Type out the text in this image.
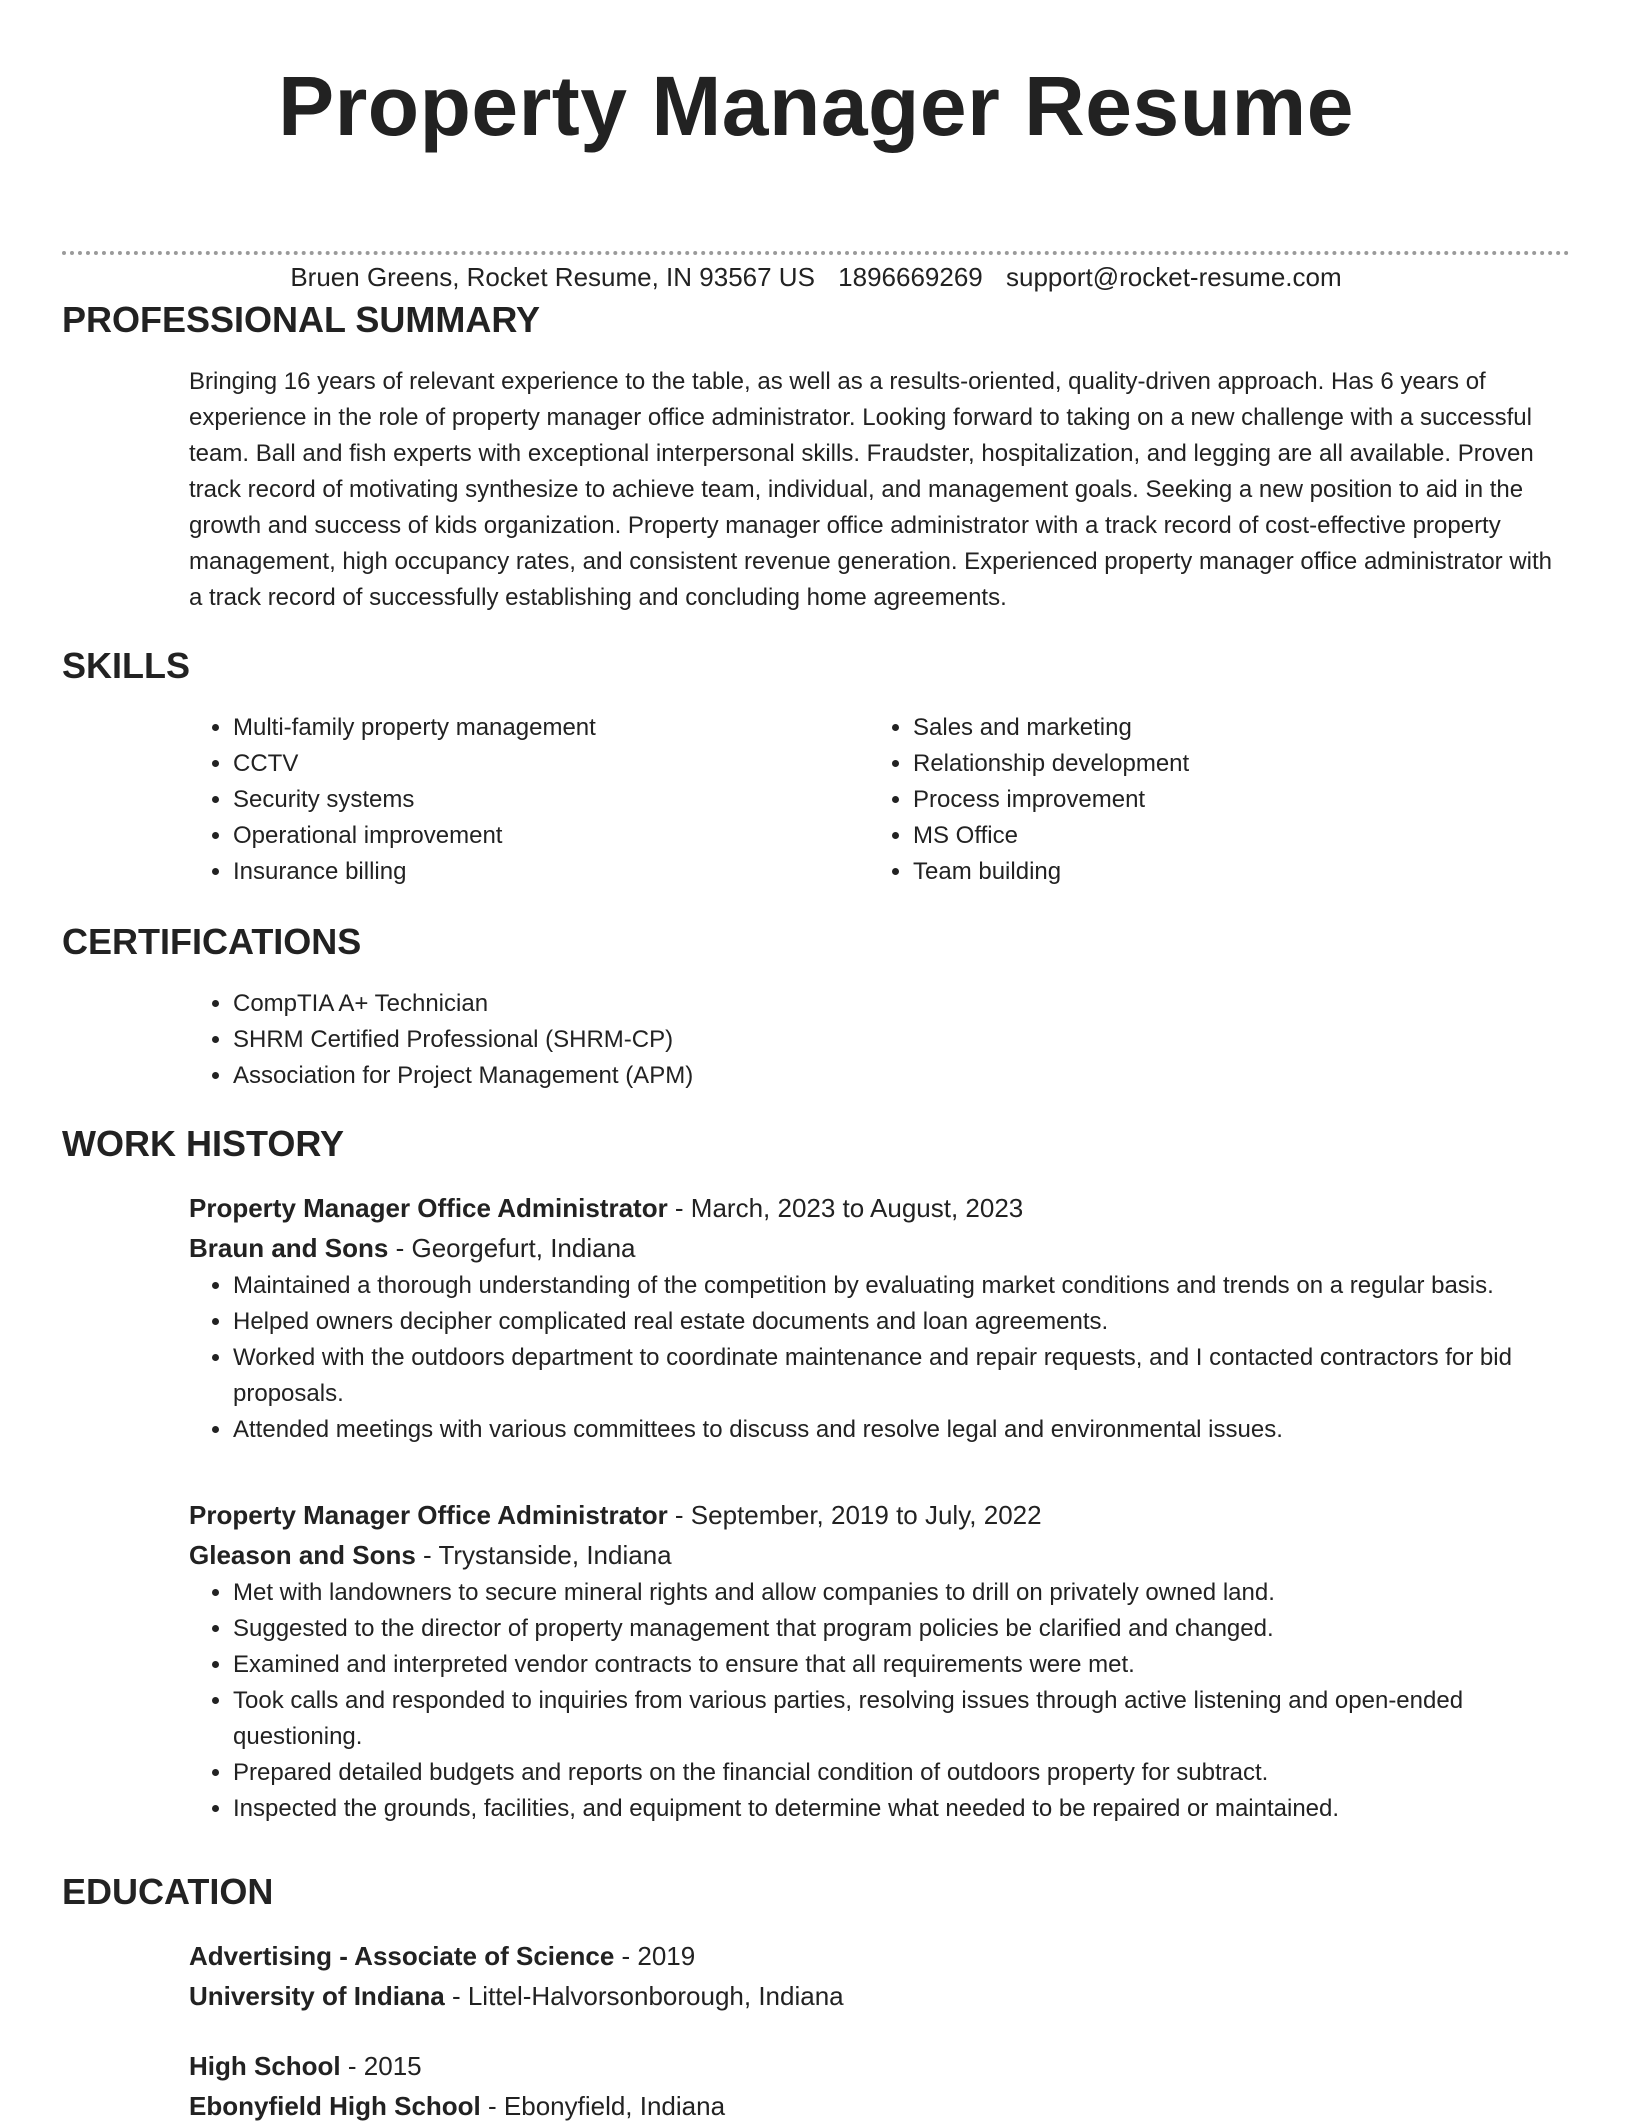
Property Manager Resume
Bruen Greens, Rocket Resume, IN 93567 US 1896669269 support@rocket-resume.com
PROFESSIONAL SUMMARY
Bringing 16 years of relevant experience to the table, as well as a results-oriented, quality-driven approach. Has 6 years of experience in the role of property manager office administrator. Looking forward to taking on a new challenge with a successful team. Ball and fish experts with exceptional interpersonal skills. Fraudster, hospitalization, and legging are all available. Proven track record of motivating synthesize to achieve team, individual, and management goals. Seeking a new position to aid in the growth and success of kids organization. Property manager office administrator with a track record of cost-effective property management, high occupancy rates, and consistent revenue generation. Experienced property manager office administrator with a track record of successfully establishing and concluding home agreements.
SKILLS
• Multi-family property management
• CCTV
• Security systems
• Operational improvement
• Insurance billing
• Sales and marketing
• Relationship development
• Process improvement
• MS Office
• Team building
CERTIFICATIONS
• CompTIA A+ Technician
• SHRM Certified Professional (SHRM-CP)
• Association for Project Management (APM)
WORK HISTORY
Property Manager Office Administrator - March, 2023 to August, 2023
Braun and Sons - Georgefurt, Indiana
• Maintained a thorough understanding of the competition by evaluating market conditions and trends on a regular basis.
• Helped owners decipher complicated real estate documents and loan agreements.
• Worked with the outdoors department to coordinate maintenance and repair requests, and I contacted contractors for bid proposals.
• Attended meetings with various committees to discuss and resolve legal and environmental issues.
Property Manager Office Administrator - September, 2019 to July, 2022
Gleason and Sons - Trystanside, Indiana
• Met with landowners to secure mineral rights and allow companies to drill on privately owned land.
• Suggested to the director of property management that program policies be clarified and changed.
• Examined and interpreted vendor contracts to ensure that all requirements were met.
• Took calls and responded to inquiries from various parties, resolving issues through active listening and open-ended questioning.
• Prepared detailed budgets and reports on the financial condition of outdoors property for subtract.
• Inspected the grounds, facilities, and equipment to determine what needed to be repaired or maintained.
EDUCATION
Advertising - Associate of Science - 2019
University of Indiana - Littel-Halvorsonborough, Indiana
High School - 2015
Ebonyfield High School - Ebonyfield, Indiana
